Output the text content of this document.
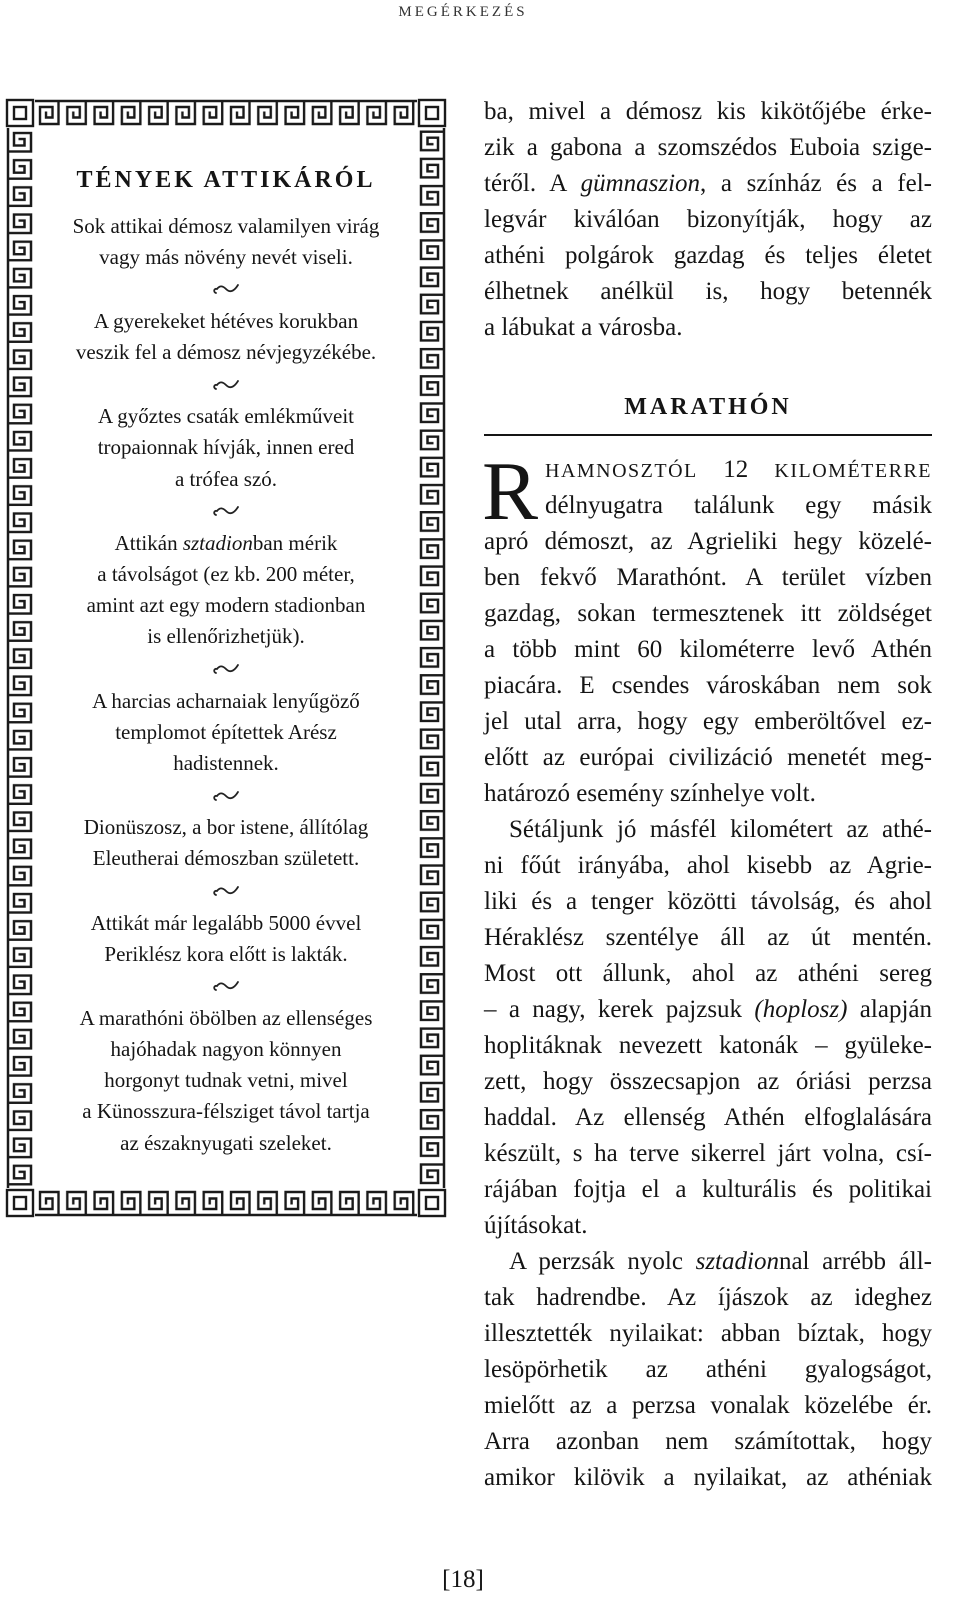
MEGÉRKEZÉS
TÉNYEK ATTIKÁRÓL
Sok attikai démosz valamilyen virág
vagy más növény nevét viseli.
A gyerekeket hétéves korukban
veszik fel a démosz névjegyzékébe.
A győztes csaták emlékműveit
tropaionnak hívják, innen ered
a trófea szó.
Attikán sztadionban mérik
a távolságot (ez kb. 200 méter,
amint azt egy modern stadionban
is ellenőrizhetjük).
A harcias acharnaiak lenyűgöző
templomot építettek Arész
hadistennek.
Dionüszosz, a bor istene, állítólag
Eleutherai démoszban született.
Attikát már legalább 5000 évvel
Periklész kora előtt is lakták.
A marathóni öbölben az ellenséges
hajóhadak nagyon könnyen
horgonyt tudnak vetni, mivel
a Künosszura-félsziget távol tartja
az északnyugati szeleket.
ba, mivel a démosz kis kikötőjébe érke-
zik a gabona a szomszédos Euboia szige-
téről. A gümnaszion, a színház és a fel-
legvár kiválóan bizonyítják, hogy az
athéni polgárok gazdag és teljes életet
élhetnek anélkül is, hogy betennék
a lábukat a városba.
MARATHÓN
R HAMNOSZTÓL 12 KILOMÉTERRE
délnyugatra találunk egy másik
apró démoszt, az Agrieliki hegy közelé-
ben fekvő Marathónt. A terület vízben
gazdag, sokan termesztenek itt zöldséget
a több mint 60 kilométerre levő Athén
piacára. E csendes városkában nem sok
jel utal arra, hogy egy emberöltővel ez-
előtt az európai civilizáció menetét meg-
határozó esemény színhelye volt.
Sétáljunk jó másfél kilométert az athé-
ni főút irányába, ahol kisebb az Agrie-
liki és a tenger közötti távolság, és ahol
Héraklész szentélye áll az út mentén.
Most ott állunk, ahol az athéni sereg
– a nagy, kerek pajzsuk (hoplosz) alapján
hoplitáknak nevezett katonák – gyüleke-
zett, hogy összecsapjon az óriási perzsa
haddal. Az ellenség Athén elfoglalására
készült, s ha terve sikerrel járt volna, csí-
rájában fojtja el a kulturális és politikai
újításokat.
A perzsák nyolc sztadionnal arrébb áll-
tak hadrendbe. Az íjászok az ideghez
illesztették nyilaikat: abban bíztak, hogy
lesöpörhetik az athéni gyalogságot,
mielőtt az a perzsa vonalak közelébe ér.
Arra azonban nem számítottak, hogy
amikor kilövik a nyilaikat, az athéniak
[18]
